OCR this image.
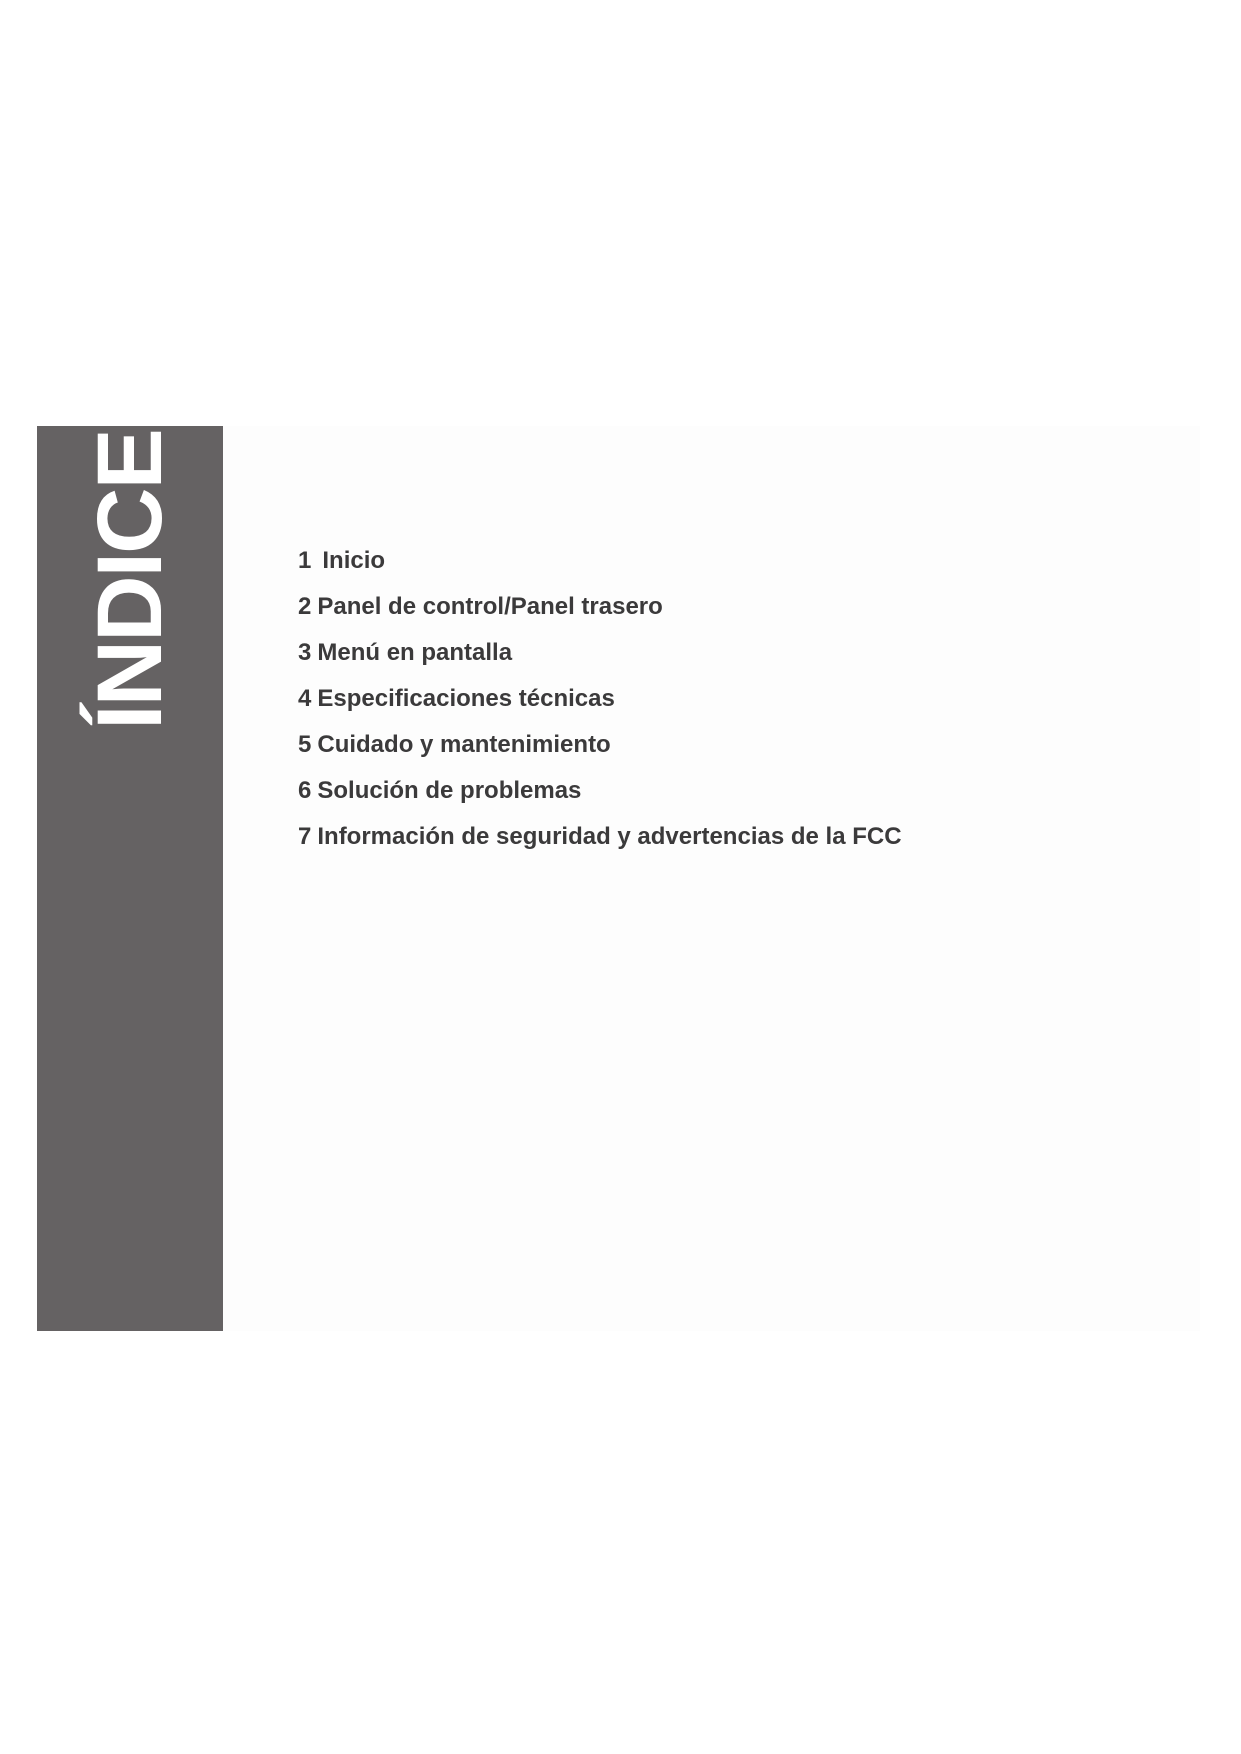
ÍNDICE	1 Inicio
2 Panel de control/Panel trasero
3 Menú en pantalla
4 Especificaciones técnicas
5 Cuidado y mantenimiento
6 Solución de problemas
7 Información de seguridad y advertencias de la FCC
